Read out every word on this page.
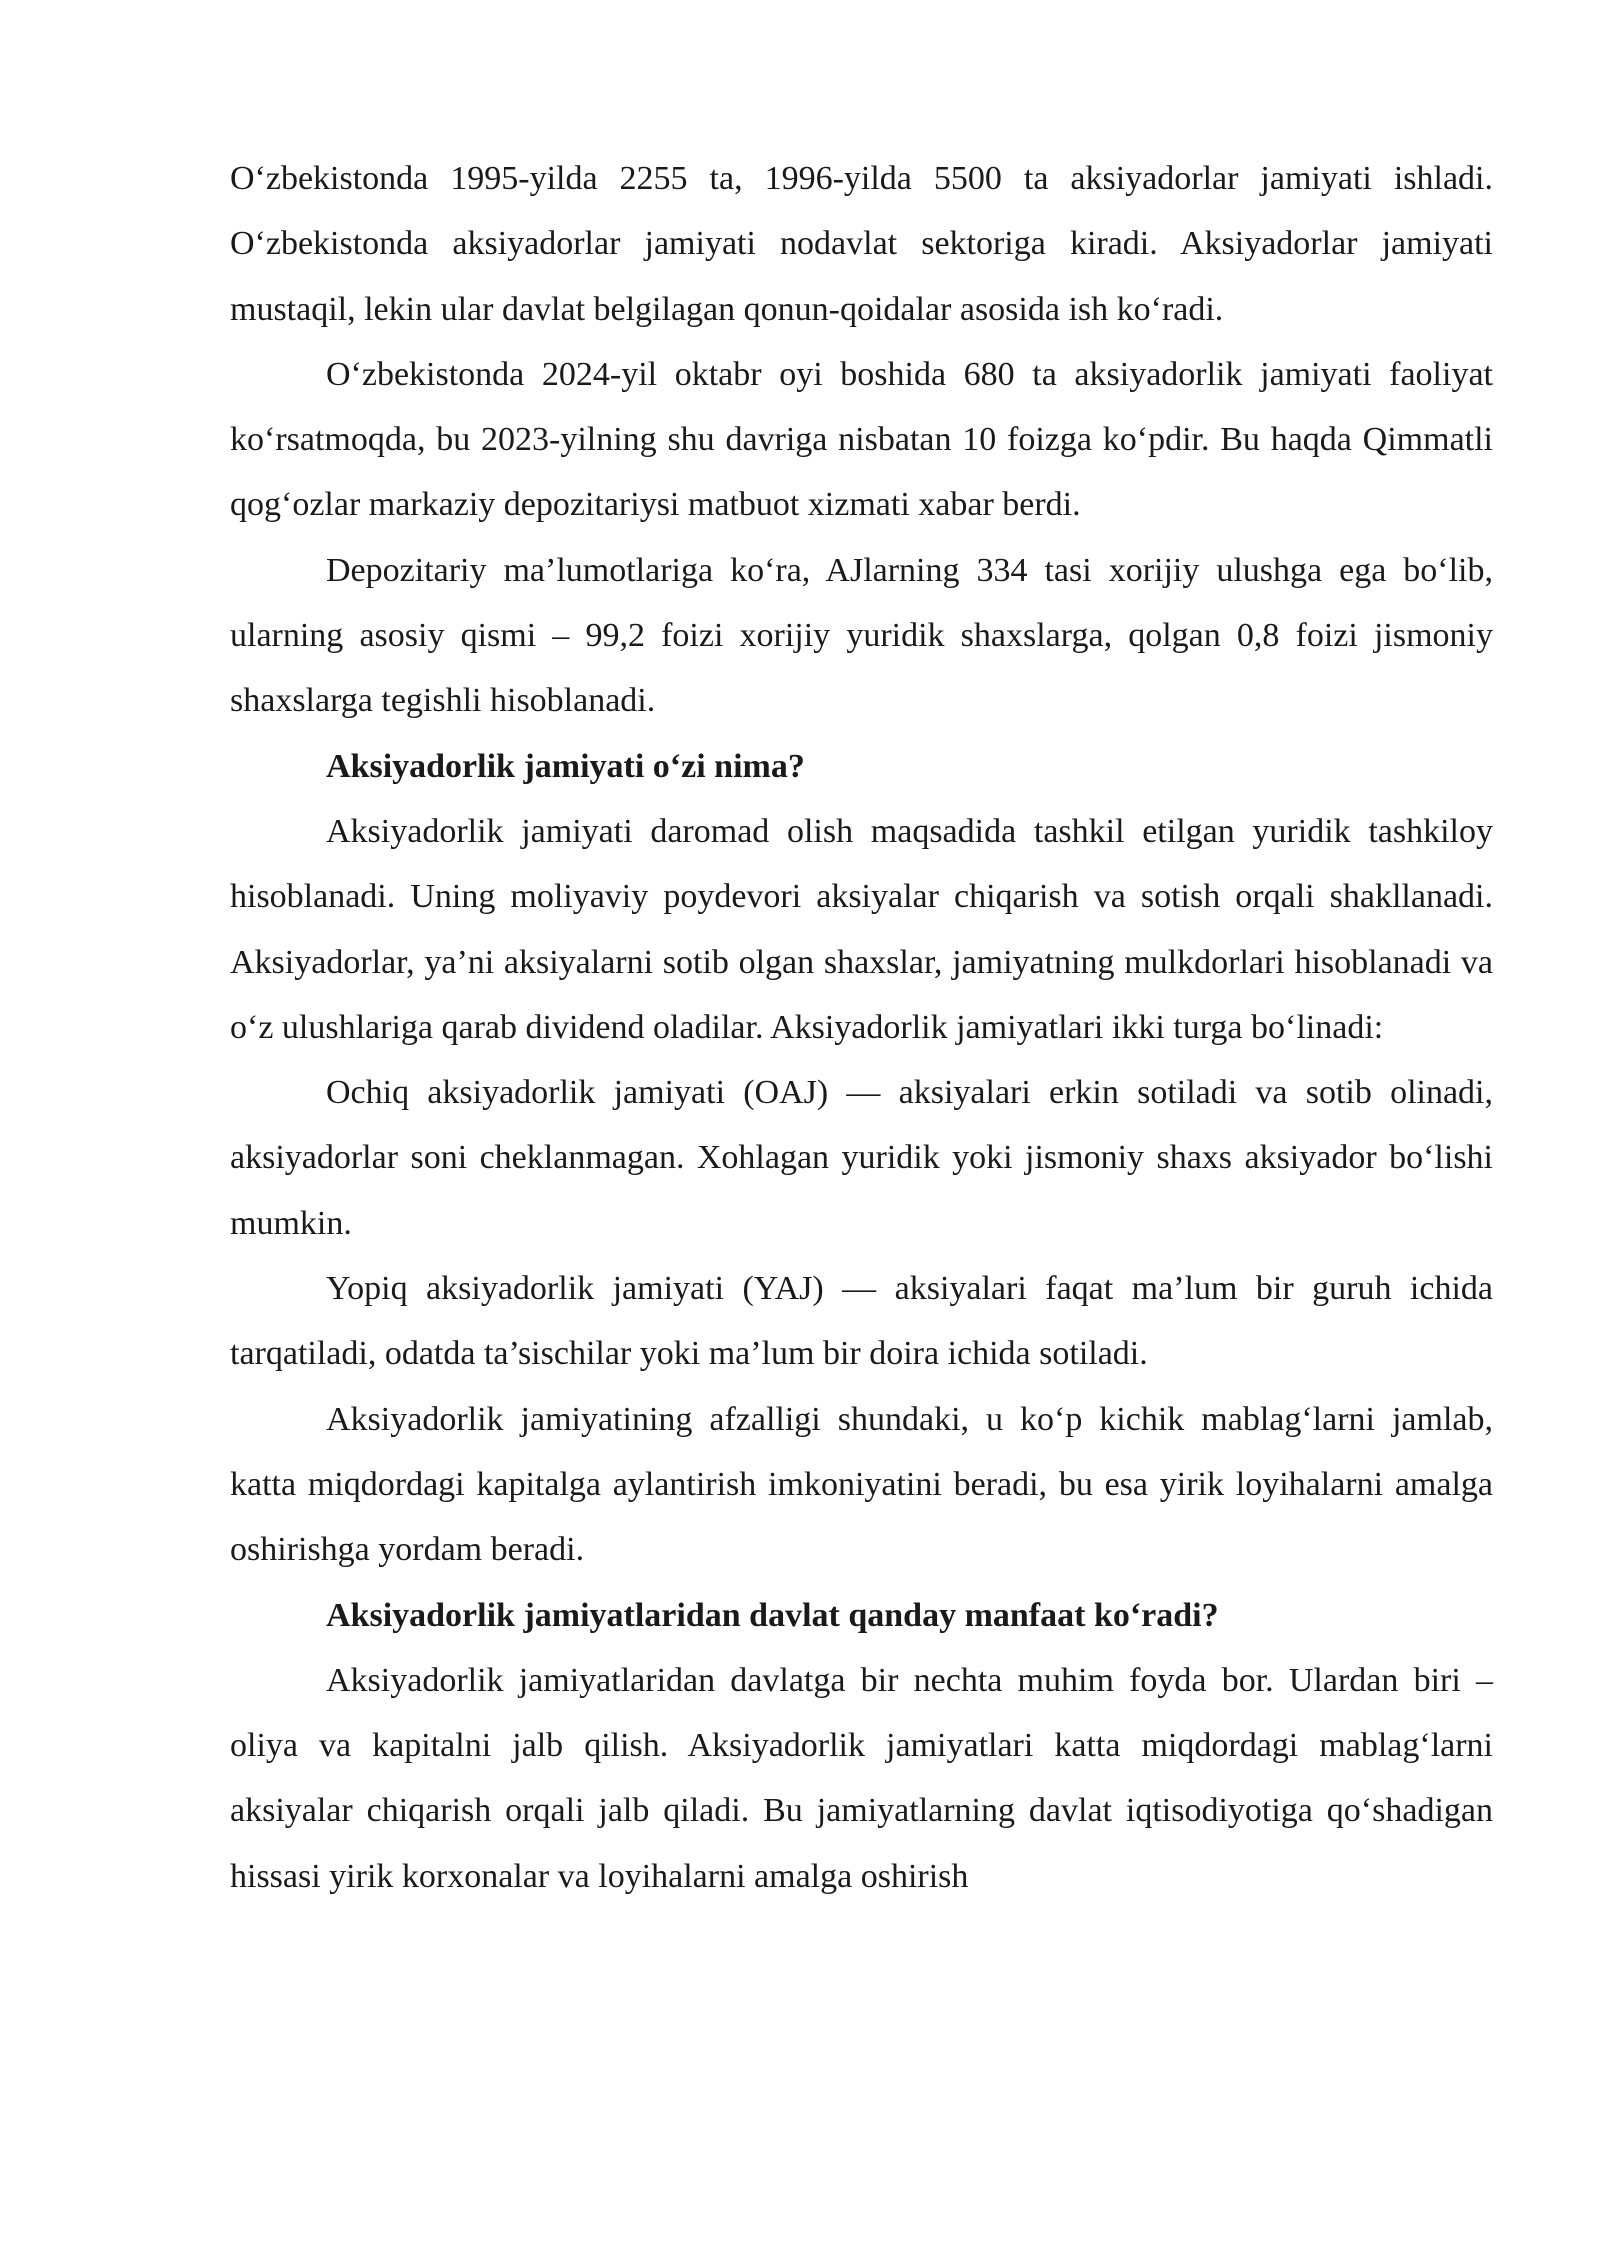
O‘zbekistonda 1995-yilda 2255 ta, 1996-yilda 5500 ta aksiyadorlar jamiyati ishladi. O‘zbekistonda aksiyadorlar jamiyati nodavlat sektoriga kiradi. Aksiyadorlar jamiyati mustaqil, lekin ular davlat belgilagan qonun-qoidalar asosida ish ko‘radi.

O‘zbekistonda 2024-yil oktabr oyi boshida 680 ta aksiyadorlik jamiyati faoliyat ko‘rsatmoqda, bu 2023-yilning shu davriga nisbatan 10 foizga ko‘pdir. Bu haqda Qimmatli qog‘ozlar markaziy depozitariysi matbuot xizmati xabar berdi.

Depozitariy ma’lumotlariga ko‘ra, AJlarning 334 tasi xorijiy ulushga ega bo‘lib, ularning asosiy qismi – 99,2 foizi xorijiy yuridik shaxslarga, qolgan 0,8 foizi jismoniy shaxslarga tegishli hisoblanadi.

Aksiyadorlik jamiyati o‘zi nima?

Aksiyadorlik jamiyati daromad olish maqsadida tashkil etilgan yuridik tashkiloy hisoblanadi. Uning moliyaviy poydevori aksiyalar chiqarish va sotish orqali shakllanadi. Aksiyadorlar, ya’ni aksiyalarni sotib olgan shaxslar, jamiyatning mulkdorlari hisoblanadi va o‘z ulushlariga qarab dividend oladilar. Aksiyadorlik jamiyatlari ikki turga bo‘linadi:

Ochiq aksiyadorlik jamiyati (OAJ) — aksiyalari erkin sotiladi va sotib olinadi, aksiyadorlar soni cheklanmagan. Xohlagan yuridik yoki jismoniy shaxs aksiyador bo‘lishi mumkin.

Yopiq aksiyadorlik jamiyati (YAJ) — aksiyalari faqat ma’lum bir guruh ichida tarqatiladi, odatda ta’sischilar yoki ma’lum bir doira ichida sotiladi.

Aksiyadorlik jamiyatining afzalligi shundaki, u ko‘p kichik mablag‘larni jamlab, katta miqdordagi kapitalga aylantirish imkoniyatini beradi, bu esa yirik loyihalarni amalga oshirishga yordam beradi.

Aksiyadorlik jamiyatlaridan davlat qanday manfaat ko‘radi?

Aksiyadorlik jamiyatlaridan davlatga bir nechta muhim foyda bor. Ulardan biri – oliya va kapitalni jalb qilish. Aksiyadorlik jamiyatlari katta miqdordagi mablag‘larni aksiyalar chiqarish orqali jalb qiladi. Bu jamiyatlarning davlat iqtisodiyotiga qo‘shadigan hissasi yirik korxonalar va loyihalarni amalga oshirish
